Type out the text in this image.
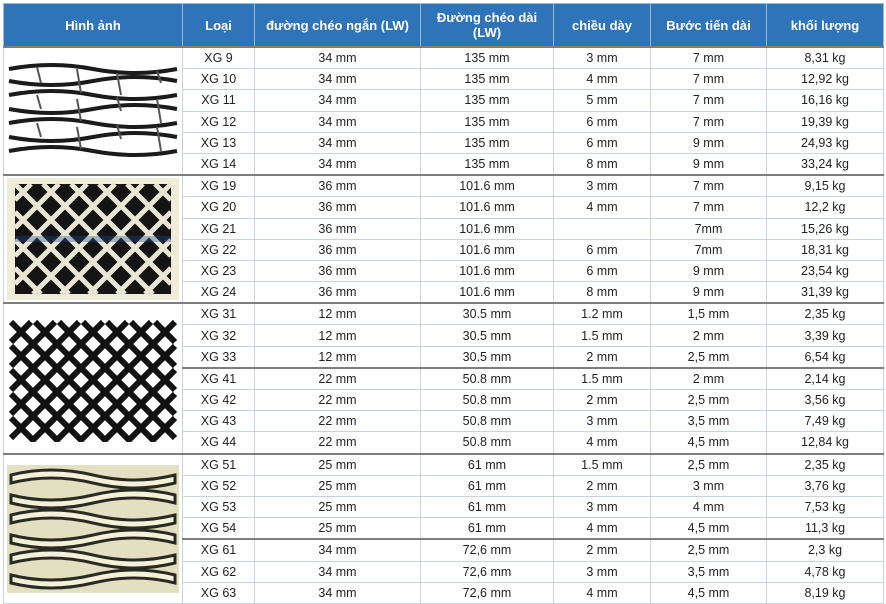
Hình ảnh	Loại	đường chéo ngắn (LW)	Đường chéo dài (LW)	chiều dày	Bước tiến dài	khối lượng

	XG 9	34 mm	135 mm	3 mm	7 mm	8,31 kg
	XG 10	34 mm	135 mm	4 mm	7 mm	12,92 kg
	XG 11	34 mm	135 mm	5 mm	7 mm	16,16 kg
	XG 12	34 mm	135 mm	6 mm	7 mm	19,39 kg
	XG 13	34 mm	135 mm	6 mm	9 mm	24,93 kg
	XG 14	34 mm	135 mm	8 mm	9 mm	33,24 kg

	XG 19	36 mm	101.6 mm	3 mm	7 mm	9,15 kg
	XG 20	36 mm	101.6 mm	4 mm	7 mm	12,2 kg
	XG 21	36 mm	101.6 mm		7mm	15,26 kg
	XG 22	36 mm	101.6 mm	6 mm	7mm	18,31 kg
	XG 23	36 mm	101.6 mm	6 mm	9 mm	23,54 kg
	XG 24	36 mm	101.6 mm	8 mm	9 mm	31,39 kg

	XG 31	12 mm	30.5 mm	1.2 mm	1,5 mm	2,35 kg
	XG 32	12 mm	30.5 mm	1.5 mm	2 mm	3,39 kg
	XG 33	12 mm	30.5 mm	2 mm	2,5 mm	6,54 kg
	XG 41	22 mm	50.8 mm	1.5 mm	2 mm	2,14 kg
	XG 42	22 mm	50.8 mm	2 mm	2,5 mm	3,56 kg
	XG 43	22 mm	50.8 mm	3 mm	3,5 mm	7,49 kg
	XG 44	22 mm	50.8 mm	4 mm	4,5 mm	12,84 kg

	XG 51	25 mm	61 mm	1.5 mm	2,5 mm	2,35 kg
	XG 52	25 mm	61 mm	2 mm	3 mm	3,76 kg
	XG 53	25 mm	61 mm	3 mm	4 mm	7,53 kg
	XG 54	25 mm	61 mm	4 mm	4,5 mm	11,3 kg
	XG 61	34 mm	72,6 mm	2 mm	2,5 mm	2,3 kg
	XG 62	34 mm	72,6 mm	3 mm	3,5 mm	4,78 kg
	XG 63	34 mm	72,6 mm	4 mm	4,5 mm	8,19 kg
